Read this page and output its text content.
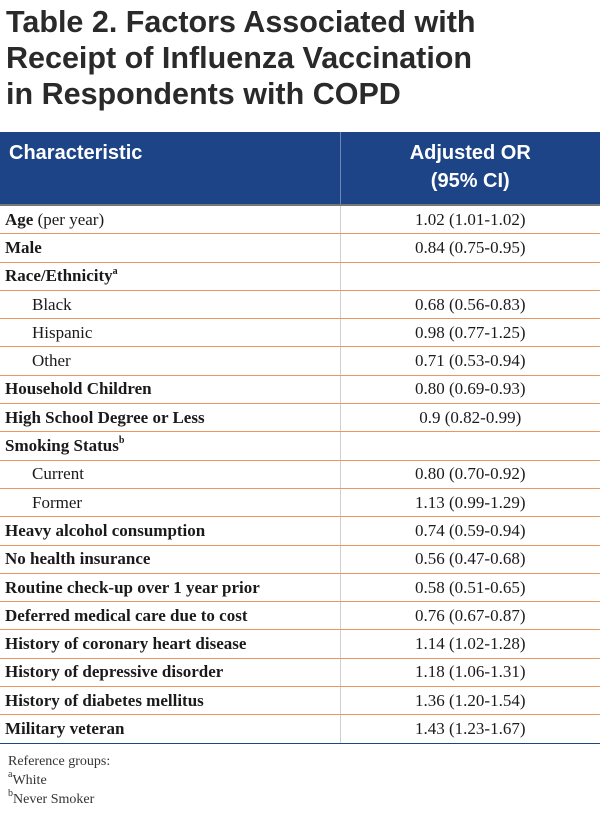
Table 2. Factors Associated with
Receipt of Influenza Vaccination
in Respondents with COPD
Characteristic	Adjusted OR
(95% CI)

Age (per year)	1.02 (1.01-1.02)
Male	0.84 (0.75-0.95)
Race/Ethnicity$^a$	
Black	0.68 (0.56-0.83)
Hispanic	0.98 (0.77-1.25)
Other	0.71 (0.53-0.94)
Household Children	0.80 (0.69-0.93)
High School Degree or Less	0.9 (0.82-0.99)
Smoking Status$^b$	
Current	0.80 (0.70-0.92)
Former	1.13 (0.99-1.29)
Heavy alcohol consumption	0.74 (0.59-0.94)
No health insurance	0.56 (0.47-0.68)
Routine check-up over 1 year prior	0.58 (0.51-0.65)
Deferred medical care due to cost	0.76 (0.67-0.87)
History of coronary heart disease	1.14 (1.02-1.28)
History of depressive disorder	1.18 (1.06-1.31)
History of diabetes mellitus	1.36 (1.20-1.54)
Military veteran	1.43 (1.23-1.67)
Reference groups:
$^a$White
$^b$Never Smoker
